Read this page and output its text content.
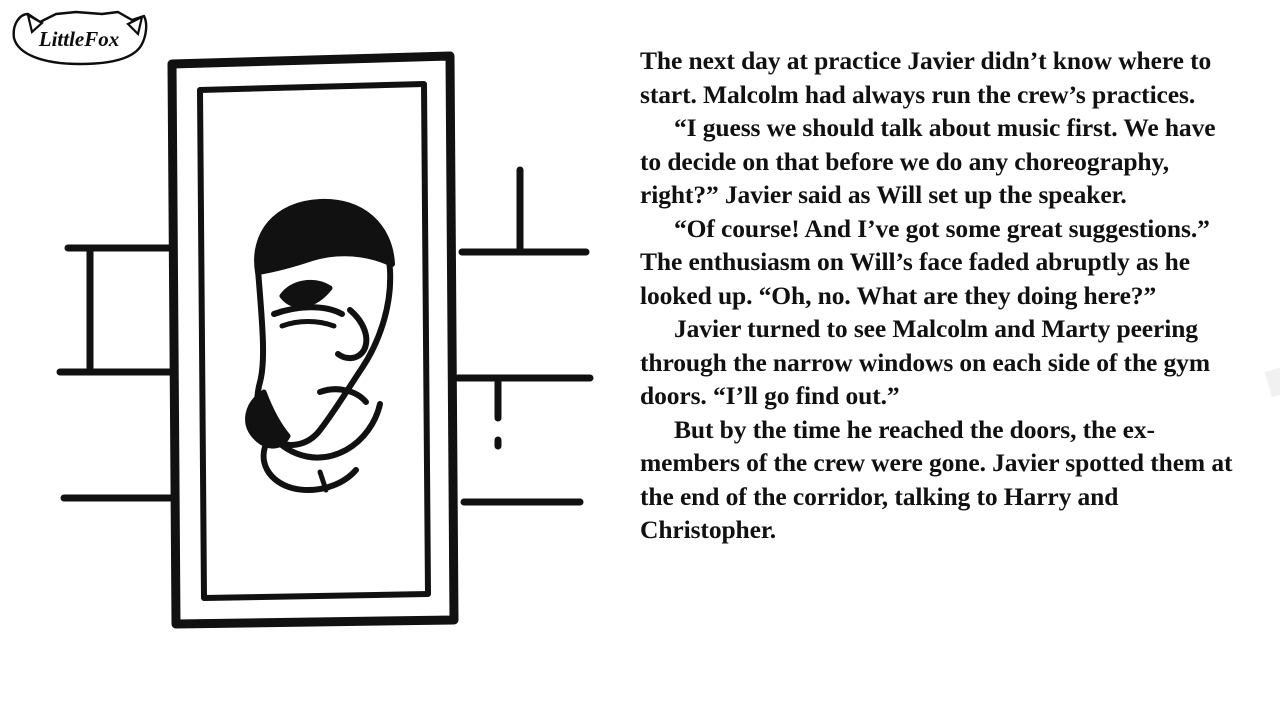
LittleFox

The next day at practice Javier didn’t know where to start. Malcolm had always run the crew’s practices.

“I guess we should talk about music first. We have to decide on that before we do any choreography, right?” Javier said as Will set up the speaker.

“Of course! And I’ve got some great suggestions.” The enthusiasm on Will’s face faded abruptly as he looked up. “Oh, no. What are they doing here?”

Javier turned to see Malcolm and Marty peering through the narrow windows on each side of the gym doors. “I’ll go find out.”

But by the time he reached the doors, the ex-members of the crew were gone. Javier spotted them at the end of the corridor, talking to Harry and Christopher.
